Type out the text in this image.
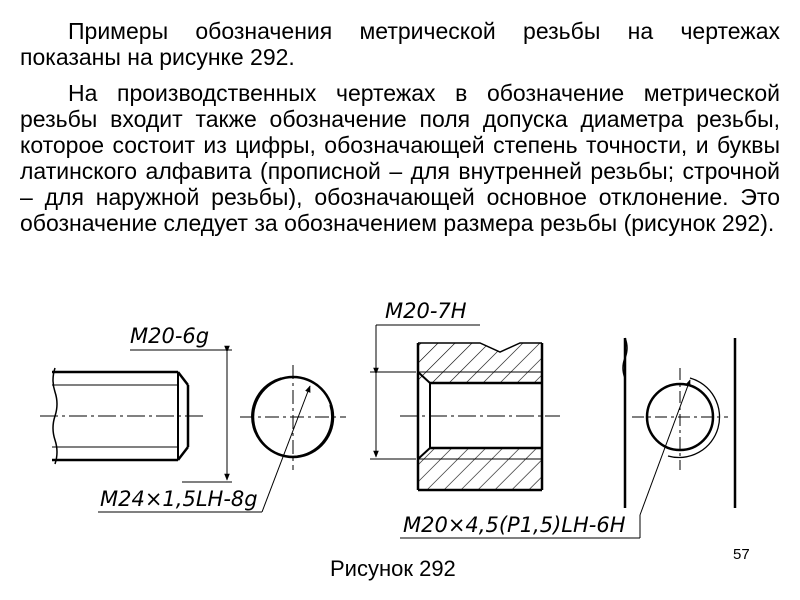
Примеры обозначения метрической резьбы на чертежах показаны на рисунке 292.

На производственных чертежах в обозначение метрической резьбы входит также обозначение поля допуска диаметра резьбы, которое состоит из цифры, обозначающей степень точности, и буквы латинского алфавита (прописной – для внутренней резьбы; строчной – для наружной резьбы), обозначающей основное отклонение. Это обозначение следует за обозначением размера резьбы (рисунок 292).

M20-6g
M24×1,5LH-8g
M20-7H
M20×4,5(P1,5)LH-6H
Рисунок 292
57
